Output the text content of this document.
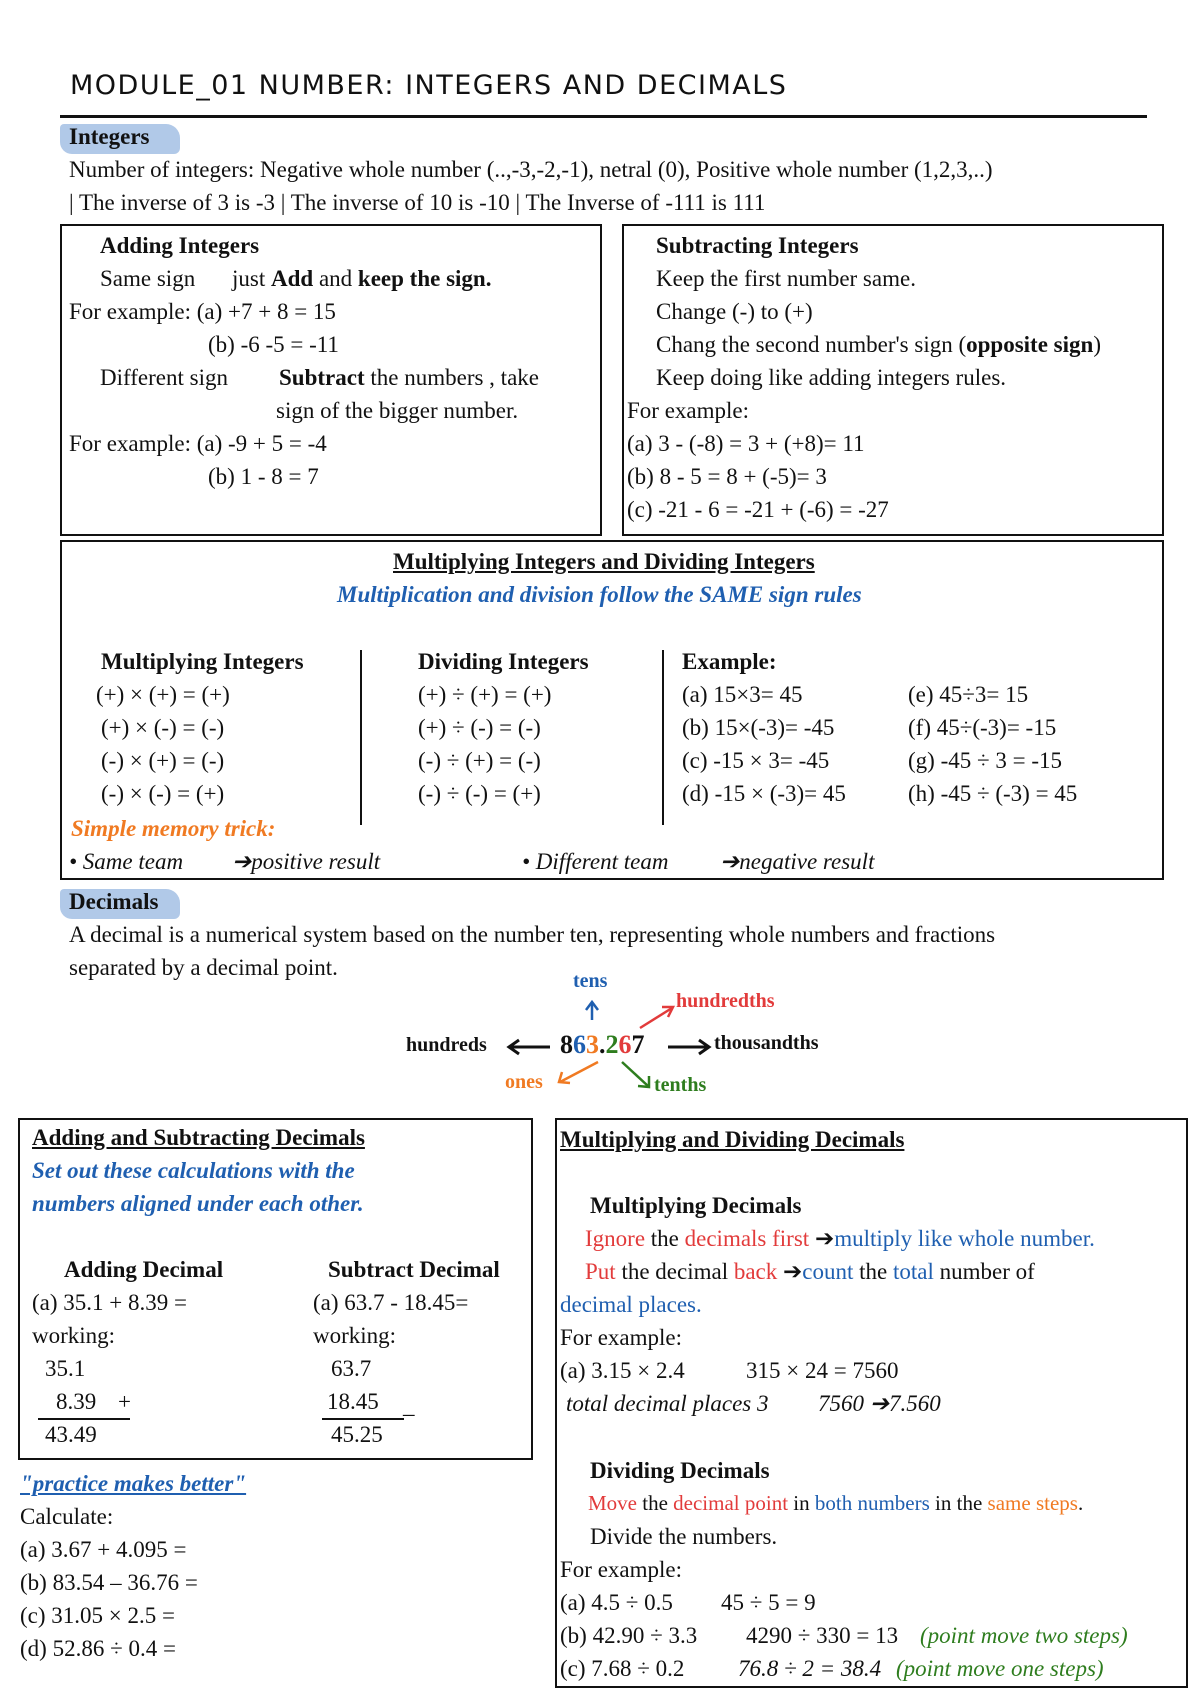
MODULE_01 NUMBER: INTEGERS AND DECIMALS
Integers
Number of integers: Negative whole number (..,-3,-2,-1), netral (0), Positive whole number (1,2,3,..)
| The inverse of 3 is -3 | The inverse of 10 is -10 | The Inverse of -111 is 111
Adding Integers
Same sign just Add and keep the sign.
For example: (a) +7 + 8 = 15
(b) -6 -5 = -11
Different sign Subtract the numbers , take
sign of the bigger number.
For example: (a) -9 + 5 = -4
(b) 1 - 8 = 7
Subtracting Integers
Keep the first number same.
Change (-) to (+)
Chang the second number's sign (opposite sign)
Keep doing like adding integers rules.
For example:
(a) 3 - (-8) = 3 + (+8)= 11
(b) 8 - 5 = 8 + (-5)= 3
(c) -21 - 6 = -21 + (-6) = -27
Multiplying Integers and Dividing Integers
Multiplication and division follow the SAME sign rules
Multiplying Integers
(+) × (+) = (+)
(+) × (-) = (-)
(-) × (+) = (-)
(-) × (-) = (+)
Dividing Integers
(+) ÷ (+) = (+)
(+) ÷ (-) = (-)
(-) ÷ (+) = (-)
(-) ÷ (-) = (+)
Example:
(a) 15×3= 45
(b) 15×(-3)= -45
(c) -15 × 3= -45
(d) -15 × (-3)= 45
(e) 45÷3= 15
(f) 45÷(-3)= -15
(g) -45 ÷ 3 = -15
(h) -45 ÷ (-3) = 45
Simple memory trick:
• Same team ➔positive result	• Different team ➔negative result
Decimals
A decimal is a numerical system based on the number ten, representing whole numbers and fractions
separated by a decimal point.
tens
hundredths
hundreds	863.267	thousandths
ones	tenths
Adding and Subtracting Decimals
Set out these calculations with the
numbers aligned under each other.
Adding Decimal
(a) 35.1 + 8.39 =
working:
35.1
8.39 +
43.49
Subtract Decimal
(a) 63.7 - 18.45=
working:
63.7
18.45 _
45.25
"practice makes better"
Calculate:
(a) 3.67 + 4.095 =
(b) 83.54 – 36.76 =
(c) 31.05 × 2.5 =
(d) 52.86 ÷ 0.4 =
Multiplying and Dividing Decimals
Multiplying Decimals
Ignore the decimals first ➔multiply like whole number.
Put the decimal back ➔count the total number of
decimal places.
For example:
(a) 3.15 × 2.4	315 × 24 = 7560
total decimal places 3 7560 ➔7.560
Dividing Decimals
Move the decimal point in both numbers in the same steps.
Divide the numbers.
For example:
(a) 4.5 ÷ 0.5 45 ÷ 5 = 9
(b) 42.90 ÷ 3.3 4290 ÷ 330 = 13 (point move two steps)
(c) 7.68 ÷ 0.2 76.8 ÷ 2 = 38.4 (point move one steps)
